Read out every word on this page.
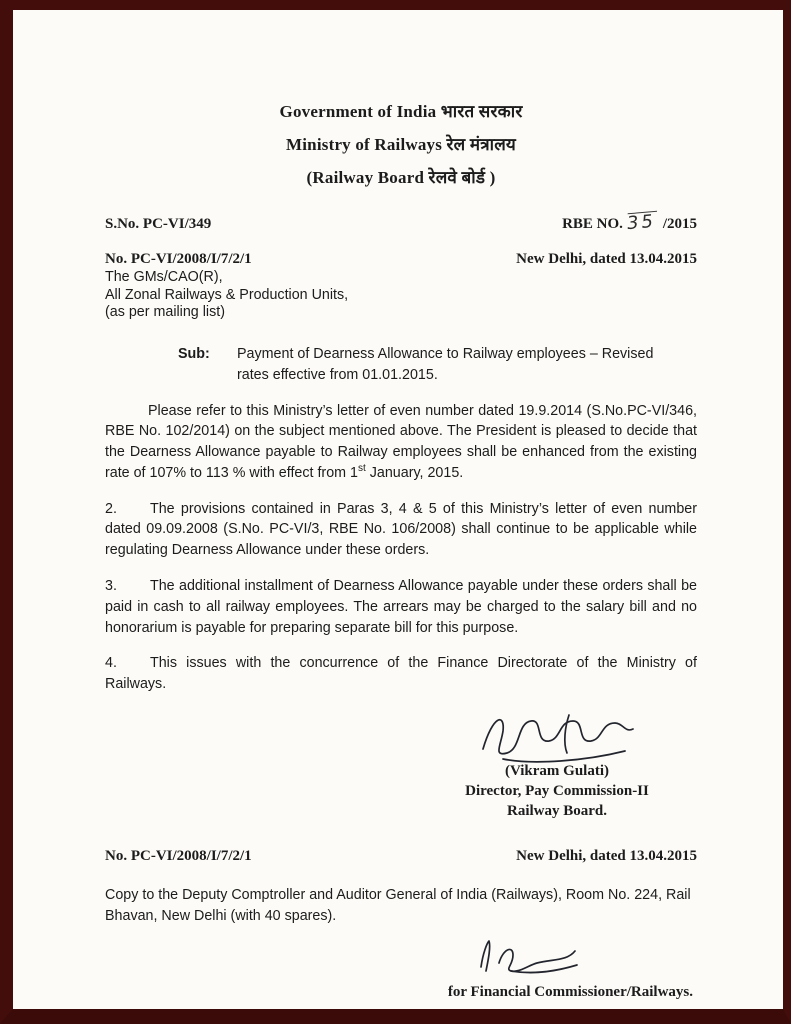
Government of India भारत सरकार
Ministry of Railways रेल मंत्रालय
(Railway Board रेलवे बोर्ड )
S.No. PC-VI/349	RBE NO. 35 /2015
No. PC-VI/2008/I/7/2/1	New Delhi, dated 13.04.2015
The GMs/CAO(R),
All Zonal Railways & Production Units,
(as per mailing list)
Sub:	Payment of Dearness Allowance to Railway employees – Revised rates effective from 01.01.2015.

Please refer to this Ministry’s letter of even number dated 19.9.2014 (S.No.PC-VI/346, RBE No. 102/2014) on the subject mentioned above. The President is pleased to decide that the Dearness Allowance payable to Railway employees shall be enhanced from the existing rate of 107% to 113 % with effect from 1st January, 2015.

2. The provisions contained in Paras 3, 4 & 5 of this Ministry’s letter of even number dated 09.09.2008 (S.No. PC-VI/3, RBE No. 106/2008) shall continue to be applicable while regulating Dearness Allowance under these orders.

3. The additional installment of Dearness Allowance payable under these orders shall be paid in cash to all railway employees. The arrears may be charged to the salary bill and no honorarium is payable for preparing separate bill for this purpose.

4. This issues with the concurrence of the Finance Directorate of the Ministry of Railways.

(Vikram Gulati)
Director, Pay Commission-II
Railway Board.
No. PC-VI/2008/I/7/2/1	New Delhi, dated 13.04.2015

Copy to the Deputy Comptroller and Auditor General of India (Railways), Room No. 224, Rail Bhavan, New Delhi (with 40 spares).

for Financial Commissioner/Railways.
